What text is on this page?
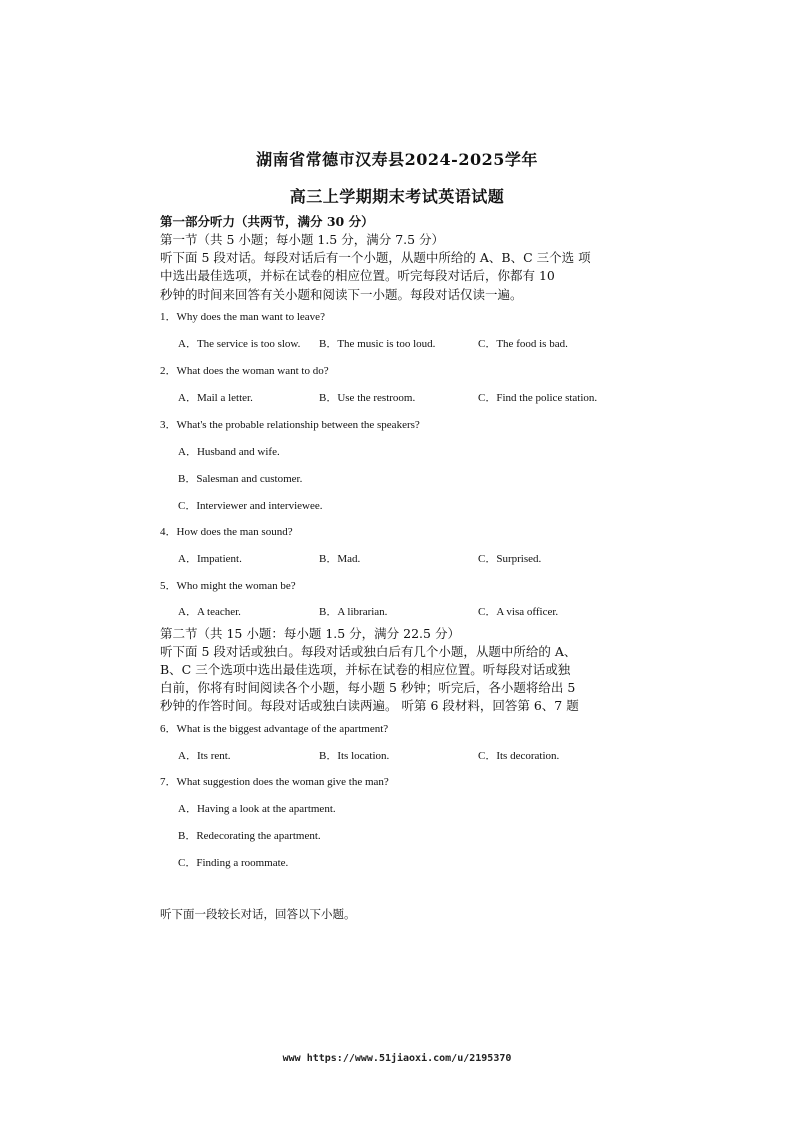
湖南省常德市汉寿县2024-2025学年
高三上学期期末考试英语试题
第一部分听力（共两节，满分 30 分）
第一节（共 5 小题；每小题 1.5 分，满分 7.5 分）
听下面 5 段对话。每段对话后有一个小题，从题中所给的 A、B、C 三个选 项
中选出最佳选项，并标在试卷的相应位置。听完每段对话后，你都有 10
秒钟的时间来回答有关小题和阅读下一小题。每段对话仅读一遍。
1．Why does the man want to leave?
A．The service is too slow. B．The music is too loud.	C．The food is bad.
2．What does the woman want to do?
A．Mail a letter.	B．Use the restroom.	C．Find the police station.
3．What's the probable relationship between the speakers?
A．Husband and wife.
B．Salesman and customer.
C．Interviewer and interviewee.
4．How does the man sound?
A．Impatient.	B．Mad.	C．Surprised.
5．Who might the woman be?
A．A teacher.	B．A librarian.	C．A visa officer.
第二节（共 15 小题：每小题 1.5 分，满分 22.5 分）
听下面 5 段对话或独白。每段对话或独白后有几个小题，从题中所给的 A、
B、C 三个选项中选出最佳选项，并标在试卷的相应位置。听每段对话或独
白前，你将有时间阅读各个小题，每小题 5 秒钟；听完后，各小题将给出 5
秒钟的作答时间。每段对话或独白读两遍。 听第 6 段材料，回答第 6、7 题
6．What is the biggest advantage of the apartment?
A．Its rent.	B．Its location.	C．Its decoration.
7．What suggestion does the woman give the man?
A．Having a look at the apartment.
B．Redecorating the apartment.
C．Finding a roommate.
听下面一段较长对话，回答以下小题。
www https://www.51jiaoxi.com/u/2195370
